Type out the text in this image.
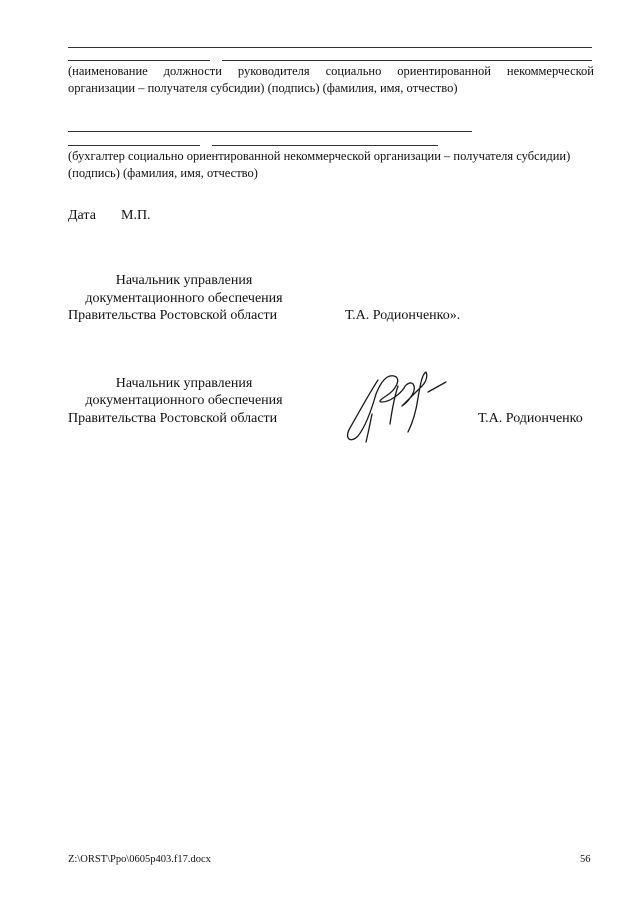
(наименование должности руководителя социально ориентированной некоммерческой
организации – получателя субсидии) (подпись) (фамилия, имя, отчество)
(бухгалтер социально ориентированной некоммерческой организации – получателя субсидии)
(подпись) (фамилия, имя, отчество)
Дата М.П.
Начальник управления
документационного обеспечения
Правительства Ростовской области	Т.А. Родионченко».
Начальник управления
документационного обеспечения
Правительства Ростовской области	Т.А. Родионченко
Z:\ORST\Ppo\0605p403.f17.docx	56
